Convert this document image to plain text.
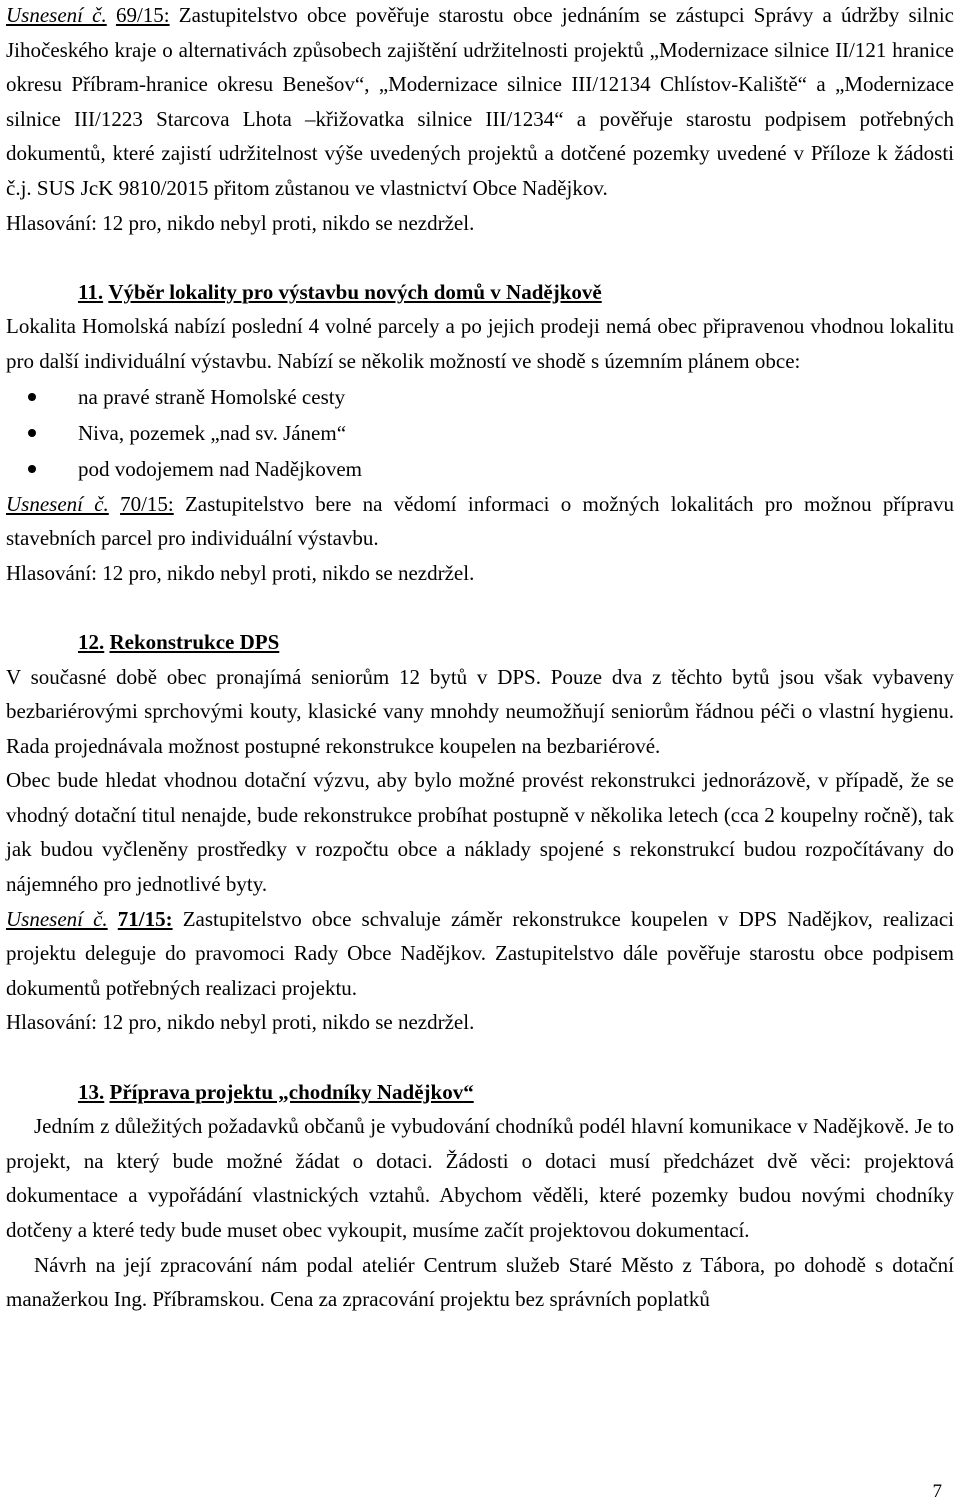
Usnesení č. 69/15: Zastupitelstvo obce pověřuje starostu obce jednáním se zástupci Správy a údržby silnic Jihočeského kraje o alternativách způsobech zajištění udržitelnosti projektů „Modernizace silnice II/121 hranice okresu Příbram-hranice okresu Benešov“, „Modernizace silnice III/12134 Chlístov-Kaliště“ a „Modernizace silnice III/1223 Starcova Lhota –křižovatka silnice III/1234“ a pověřuje starostu podpisem potřebných dokumentů, které zajistí udržitelnost výše uvedených projektů a dotčené pozemky uvedené v Příloze k žádosti č.j. SUS JcK 9810/2015 přitom zůstanou ve vlastnictví Obce Nadějkov.

Hlasování: 12 pro, nikdo nebyl proti, nikdo se nezdržel.

11. Výběr lokality pro výstavbu nových domů v Nadějkově

Lokalita Homolská nabízí poslední 4 volné parcely a po jejich prodeji nemá obec připravenou vhodnou lokalitu pro další individuální výstavbu. Nabízí se několik možností ve shodě s územním plánem obce:

na pravé straně Homolské cesty
Niva, pozemek „nad sv. Jánem“
pod vodojemem nad Nadějkovem

Usnesení č. 70/15: Zastupitelstvo bere na vědomí informaci o možných lokalitách pro možnou přípravu stavebních parcel pro individuální výstavbu.

Hlasování: 12 pro, nikdo nebyl proti, nikdo se nezdržel.

12. Rekonstrukce DPS

V současné době obec pronajímá seniorům 12 bytů v DPS. Pouze dva z těchto bytů jsou však vybaveny bezbariérovými sprchovými kouty, klasické vany mnohdy neumožňují seniorům řádnou péči o vlastní hygienu. Rada projednávala možnost postupné rekonstrukce koupelen na bezbariérové.

Obec bude hledat vhodnou dotační výzvu, aby bylo možné provést rekonstrukci jednorázově, v případě, že se vhodný dotační titul nenajde, bude rekonstrukce probíhat postupně v několika letech (cca 2 koupelny ročně), tak jak budou vyčleněny prostředky v rozpočtu obce a náklady spojené s rekonstrukcí budou rozpočítávany do nájemného pro jednotlivé byty.

Usnesení č. 71/15: Zastupitelstvo obce schvaluje záměr rekonstrukce koupelen v DPS Nadějkov, realizaci projektu deleguje do pravomoci Rady Obce Nadějkov. Zastupitelstvo dále pověřuje starostu obce podpisem dokumentů potřebných realizaci projektu.

Hlasování: 12 pro, nikdo nebyl proti, nikdo se nezdržel.

13. Příprava projektu „chodníky Nadějkov“

Jedním z důležitých požadavků občanů je vybudování chodníků podél hlavní komunikace v Nadějkově. Je to projekt, na který bude možné žádat o dotaci. Žádosti o dotaci musí předcházet dvě věci: projektová dokumentace a vypořádání vlastnických vztahů. Abychom věděli, které pozemky budou novými chodníky dotčeny a které tedy bude muset obec vykoupit, musíme začít projektovou dokumentací.

Návrh na její zpracování nám podal ateliér Centrum služeb Staré Město z Tábora, po dohodě s dotační manažerkou Ing. Příbramskou. Cena za zpracování projektu bez správních poplatků

7
